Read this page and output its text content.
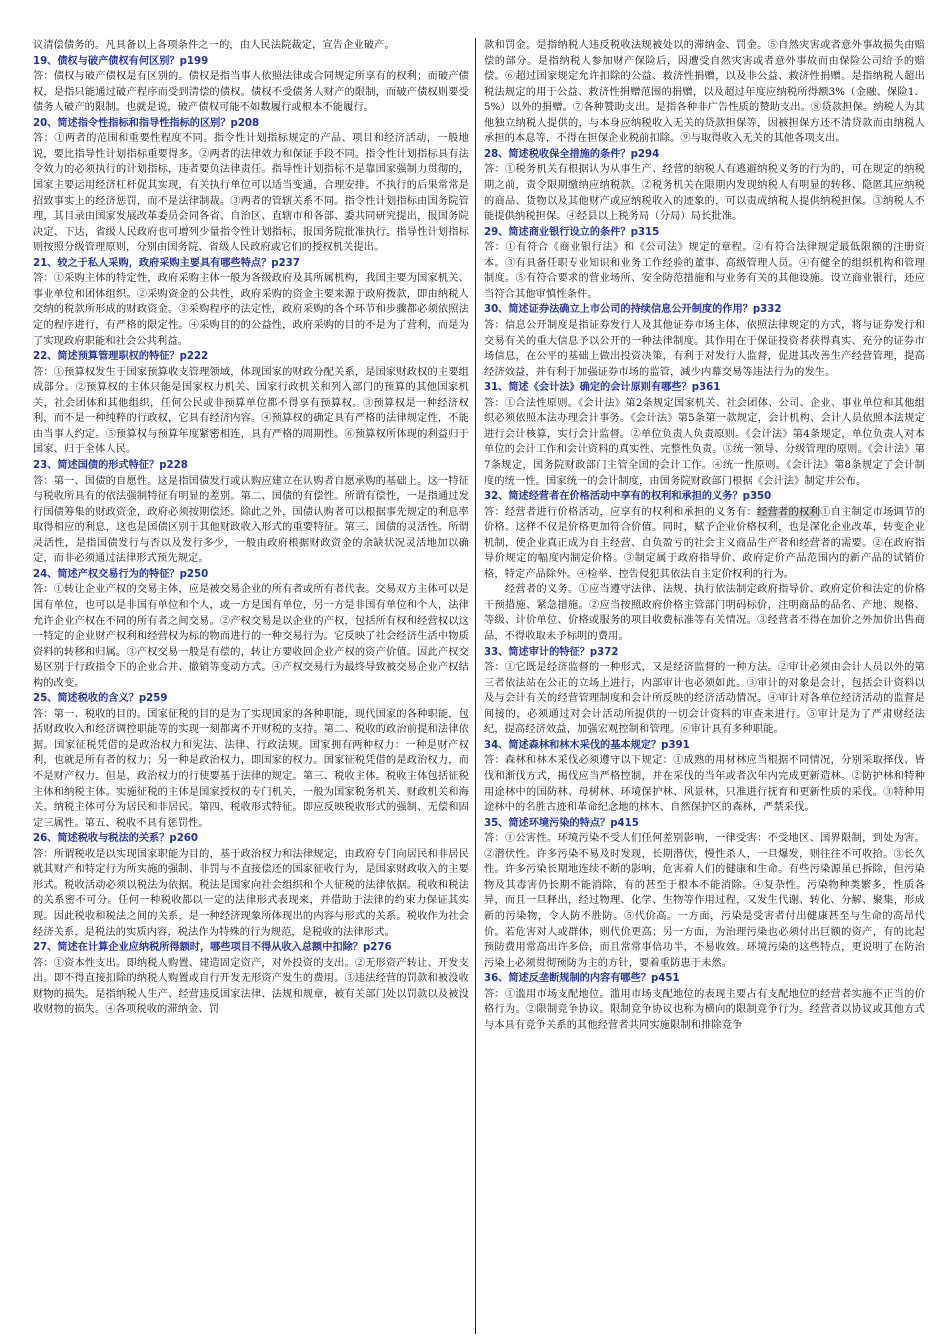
议清偿债务的。凡具备以上各项条件之一的，由人民法院裁定，宣告企业破产。

19、债权与破产债权有何区别？p199

答：债权与破产债权是有区别的。债权是指当事人依照法律或合同规定所享有的权利；而破产债权，是指只能通过破产程序而受到清偿的债权。债权不受债务人财产的限制，而破产债权则要受债务人破产的限制。也就是说，破产债权可能不如数履行或根本不能履行。

20、简述指令性指标和指导性指标的区别？p208

答：①两者的范围和重要性程度不同。指令性计划指标规定的产品、项目和经济活动，一般地说，要比指导性计划指标重要得多。②两者的法律效力和保证手段不同。指令性计划指标具有法令效力的必须执行的计划指标，违者要负法律责任。指导性计划指标不是靠国家强制力贯彻的，国家主要运用经济杠杆促其实现，有关执行单位可以适当变通，合理安排。不执行的后果常常是招致事实上的经济惩罚，而不是法律制裁。③两者的管辖关系不同。指令性计划指标由国务院管理，其目录由国家发展改革委员会同各省、自治区、直辖市和各部、委共同研究提出，报国务院决定、下达，省级人民政府也可增列少量指令性计划指标，报国务院批准执行。指导性计划指标则按照分级管理原则，分别由国务院、省级人民政府或它们的授权机关提出。

21、较之于私人采购，政府采购主要具有哪些特点？p237

答：①采购主体的特定性，政府采购主体一般为各级政府及其所属机构，我国主要为国家机关、事业单位和团体组织。②采购资金的公共性，政府采购的资金主要来源于政府拨款，即由纳税人交纳的税款所形成的财政资金。③采购程序的法定性，政府采购的各个环节和步骤都必须依照法定的程序进行，有严格的限定性。④采购目的的公益性，政府采购的目的不是为了营利，而是为了实现政府职能和社会公共利益。

22、简述预算管理职权的特征？p222

答：①预算权发生于国家预算收支管理领域，体现国家的财政分配关系，是国家财政权的主要组成部分。②预算权的主体只能是国家权力机关、国家行政机关和列入部门的预算的其他国家机关，社会团体和其他组织，任何公民或非预算单位都不得享有预算权。③预算权是一种经济权利，而不是一种纯粹的行政权，它具有经济内容。④预算权的确定具有严格的法律规定性，不能由当事人约定。⑤预算权与预算年度紧密相连，具有严格的周期性。⑥预算权所体现的利益归于国家、归于全体人民。

23、简述国债的形式特征？p228

答：第一、国债的自愿性。这是指国债发行或认购应建立在认购者自愿承购的基础上。这一特征与税收所具有的依法强制特征有明显的差别。第二、国债的有偿性。所谓有偿性，一是指通过发行国债筹集的财政资金，政府必须按期偿还。除此之外，国债认购者可以根据事先规定的利息率取得相应的利息，这也是国债区别于其他财政收入形式的重要特征。第三、国债的灵活性。所谓灵活性，是指国债发行与否以及发行多少，一般由政府根据财政资金的余缺状况灵活地加以确定，而非必须通过法律形式预先规定。

24、简述产权交易行为的特征？p250

答：①转让企业产权的交易主体，应是被交易企业的所有者或所有者代表。交易双方主体可以是国有单位，也可以是非国有单位和个人，或一方是国有单位，另一方是非国有单位和个人，法律允许企业产权在不同的所有者之间交易。②产权交易是以企业的产权，包括所有权和经营权以这一特定的企业财产权利和经营权为标的物而进行的一种交易行为。它反映了社会经济生活中物质资料的转移和归属。③产权交易一般是有偿的，转让方要收回企业产权的资产价值。因此产权交易区别于行政指令下的企业合并、撤销等变动方式。④产权交易行为最终导致被交易企业产权结构的改变。

25、简述税收的含义？p259

答：第一、税收的目的。国家征税的目的是为了实现国家的各种职能，现代国家的各种职能，包括财政收入和经济调控职能等的实现一刻都离不开财税的支持。第二、税收的政治前提和法律依据。国家征税凭借的是政治权力和宪法、法律、行政法规。国家拥有两种权力：一种是财产权利，也就是所有者的权力；另一种是政治权力，即国家的权力。国家征税凭借的是政治权力，而不是财产权力。但是，政治权力的行使要基于法律的规定。第三、税收主体。税收主体包括征税主体和纳税主体。实施征税的主体是国家授权的专门机关，一般为国家税务机关、财政机关和海关。纳税主体可分为居民和非居民。第四、税收形式特征。即应反映税收形式的强制、无偿和固定三属性。第五、税收不具有惩罚性。

26、简述税收与税法的关系？p260

答：所谓税收是以实现国家职能为目的，基于政治权力和法律规定，由政府专门向居民和非居民就其财产和特定行为所实施的强制、非罚与不直接偿还的国家征收行为，是国家财政收入的主要形式。税收活动必须以税法为依据。税法是国家向社会组织和个人征税的法律依据。税收和税法的关系密不可分。任何一种税收都以一定的法律形式表现来，并借助于法律的约束力保证其实现。因此税收和税法之间的关系，是一种经济现象所体现出的内容与形式的关系。税收作为社会经济关系，是税法的实质内容，税法作为特殊的行为规范，是税收的法律形式。

27、简述在计算企业应纳税所得额时，哪些项目不得从收入总额中扣除？p276

答：①资本性支出。即纳税人购置、建造固定资产，对外投资的支出。②无形资产转让、开发支出。即不得直接扣除的纳税人购置或自行开发无形资产发生的费用。③违法经营的罚款和被没收财物的损失。是指纳税人生产、经营违反国家法律、法规和规章，被有关部门处以罚款以及被没收财物的损失。④各项税收的滞纳金、罚

款和罚金。是指纳税人违反税收法规被处以的滞纳金、罚金。⑤自然灾害或者意外事故损失由赔偿的部分。是指纳税人参加财产保险后，因遭受自然灾害或者意外事故而由保险公司给予的赔偿。⑥超过国家规定允许扣除的公益、救济性捐赠，以及非公益、救济性捐赠。是指纳税人超出税法规定的用于公益、救济性捐赠范围的捐赠，以及超过年度应纳税所得额3%（金融、保险1．5%）以外的捐赠。⑦各种赞助支出。是指各种非广告性质的赞助支出。⑧贷款担保。纳税人为其他独立纳税人提供的，与本身应纳税收入无关的贷款担保等，因被担保方还不清贷款而由纳税人承担的本息等，不得在担保企业税前扣除。⑨与取得收入无关的其他各项支出。

28、简述税收保全措施的条件？p294

答：①税务机关有根据认为从事生产、经营的纳税人有逃避纳税义务的行为的，可在规定的纳税期之前，责令限期缴纳应纳税款。②税务机关在限期内发现纳税人有明显的转移、隐匿其应纳税的商品、货物以及其他财产或应纳税收入的迹象的，可以责成纳税人提供纳税担保。③纳税人不能提供纳税担保。④经县以上税务局（分局）局长批准。

29、简述商业银行设立的条件？p315

答：①有符合《商业银行法》和《公司法》规定的章程。②有符合法律规定最低限额的注册资本。③有具备任职专业知识和业务工作经验的董事、高级管理人员。④有健全的组织机构和管理制度。⑤有符合要求的营业场所、安全防范措施和与业务有关的其他设施。设立商业银行，还应当符合其他审慎性条件。

30、简述证券法确立上市公司的持续信息公开制度的作用？p332

答：信息公开制度是指证券发行人及其他证券市场主体，依照法律规定的方式，将与证券发行和交易有关的重大信息予以公开的一种法律制度。其作用在于保证投资者获得真实、充分的证券市场信息，在公平的基础上做出投资决策，有利于对发行人监督，促进其改善生产经营管理，提高经济效益，并有利于加强证券市场的监管，减少内幕交易等违法行为的发生。

31、简述《会计法》确定的会计原则有哪些？p361

答：①合法性原则。《会计法》第2条规定国家机关、社会团体、公司、企业、事业单位和其他组织必须依照本法办理会计事务。《会计法》第5条第一款规定，会计机构、会计人员依照本法规定进行会计核算，实行会计监督。②单位负责人负责原则。《会计法》第4条规定，单位负责人对本单位的会计工作和会计资料的真实性、完整性负责。③统一领导、分级管理的原则。《会计法》第7条规定，国务院财政部门主管全国的会计工作。④统一性原则。《会计法》第8条规定了会计制度的统一性。国家统一的会计制度，由国务院财政部门根据《会计法》制定并公布。

32、简述经营者在价格活动中享有的权利和承担的义务？p350

答：经营者进行价格活动，应享有的权利和承担的义务有：经营者的权利①自主制定市场调节的价格。这样不仅是价格更加符合价值。同时，赋予企业价格权利，也是深化企业改革，转变企业机制，使企业真正成为自主经营、自负盈亏的社会主义商品生产者和经营者的需要。②在政府指导价规定的幅度内制定价格。③制定属于政府指导价、政府定价产品范围内的新产品的试销价格，特定产品除外。④检举、控告侵犯其依法自主定价权利的行为。

　　经营者的义务。①应当遵守法律、法规、执行依法制定政府指导价、政府定价和法定的价格干预措施、紧急措施。②应当按照政府价格主管部门明码标价，注明商品的品名、产地、规格、等级、计价单位、价格或服务的项目收费标准等有关情况。③经营者不得在加价之外加价出售商品，不得收取未予标明的费用。

33、简述审计的特征？p372

答：①它既是经济监督的一种形式，又是经济监督的一种方法。②审计必须由会计人员以外的第三者依法站在公正的立场上进行，内部审计也必须如此。③审计的对象是会计，包括会计资料以及与会计有关的经营管理制度和会计所反映的经济活动情况。④审计对各单位经济活动的监督是间接的，必须通过对会计活动所提供的一切会计资料的审查来进行。⑤审计是为了严肃财经法纪，提高经济效益，加强宏观控制和管理。⑥审计具有多种职能。

34、简述森林和林木采伐的基本规定？p391

答：森林和林木采伐必须遵守以下规定：①成熟的用材林应当根据不同情况，分别采取择伐、皆伐和渐伐方式，揭伐应当严格控制，并在采伐的当年或者次年内完成更新造林。②防护林和特种用途林中的国防林、母树林、环境保护林、风景林，只准进行抚育和更新性质的采伐。③特种用途林中的名胜古迹和革命纪念地的林木、自然保护区的森林，严禁采伐。

35、简述环境污染的特点？p415

答：①公害性。环境污染不受人们任何差别影响，一律受害：不受地区、国界限制，到处为害。②潜伏性。许多污染不易及时发现，长期潜伏，慢性杀人，一旦爆发，则往往不可收拾。③长久性。许多污染长期地连续不断的影响，危害着人们的健康和生命。有些污染源虽已拆除，但污染物及其毒害仍长期不能消除，有的甚至于根本不能消除。④复杂性。污染物种类繁多，性质各异，而且一旦释出，经过物理、化学、生物等作用过程，又发生代谢、转化、分解、聚集，形成新的污染物，令人防不胜防。⑤代价高。一方面，污染是受害者付出健康甚至与生命的高昂代价。若危害对人或群体，则代价更高；另一方面，为治理污染也必须付出巨额的资产，有的比起预防费用常高出许多倍，而且常常事倍功半，不易收效。环境污染的这些特点，更说明了在防治污染上必须贯彻预防为主的方针，要着重防患于未然。

36、简述反垄断规制的内容有哪些？p451

答：①滥用市场支配地位。滥用市场支配地位的表现主要占有支配地位的经营者实施不正当的价格行为。②限制竞争协议。限制竞争协议也称为横向的限制竞争行为。经营者以协议或其他方式与本具有竞争关系的其他经营者共同实施限制和排除竞争
